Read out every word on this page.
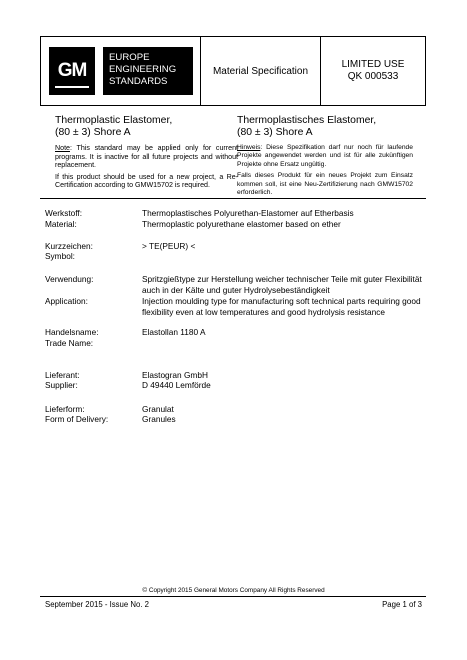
GM
EUROPE
ENGINEERING
STANDARDS
Material Specification
LIMITED USE
QK 000533
Thermoplastic Elastomer,
(80 ± 3) Shore A
Note: This standard may be applied only for current programs. It is inactive for all future projects and without replacement.
If this product should be used for a new project, a Re-Certification according to GMW15702 is required.
Thermoplastisches Elastomer,
(80 ± 3) Shore A
Hinweis: Diese Spezifikation darf nur noch für laufende Projekte angewendet werden und ist für alle zukünftigen Projekte ohne Ersatz ungültig.
Falls dieses Produkt für ein neues Projekt zum Einsatz kommen soll, ist eine Neu-Zertifizierung nach GMW15702 erforderlich.
Werkstoff:	Thermoplastisches Polyurethan-Elastomer auf Etherbasis
Material:	Thermoplastic polyurethane elastomer based on ether
Kurzzeichen:	> TE(PEUR) <
Symbol:
Verwendung:	Spritzgießtype zur Herstellung weicher technischer Teile mit guter Flexibilität auch in der Kälte und guter Hydrolysebeständigkeit
Application:	Injection moulding type for manufacturing soft technical parts requiring good flexibility even at low temperatures and good hydrolysis resistance
Handelsname:	Elastollan 1180 A
Trade Name:
Lieferant:	Elastogran GmbH
Supplier:	D 49440 Lemförde
Lieferform:	Granulat
Form of Delivery:	Granules
© Copyright 2015 General Motors Company All Rights Reserved
September 2015 - Issue No. 2	Page 1 of 3
